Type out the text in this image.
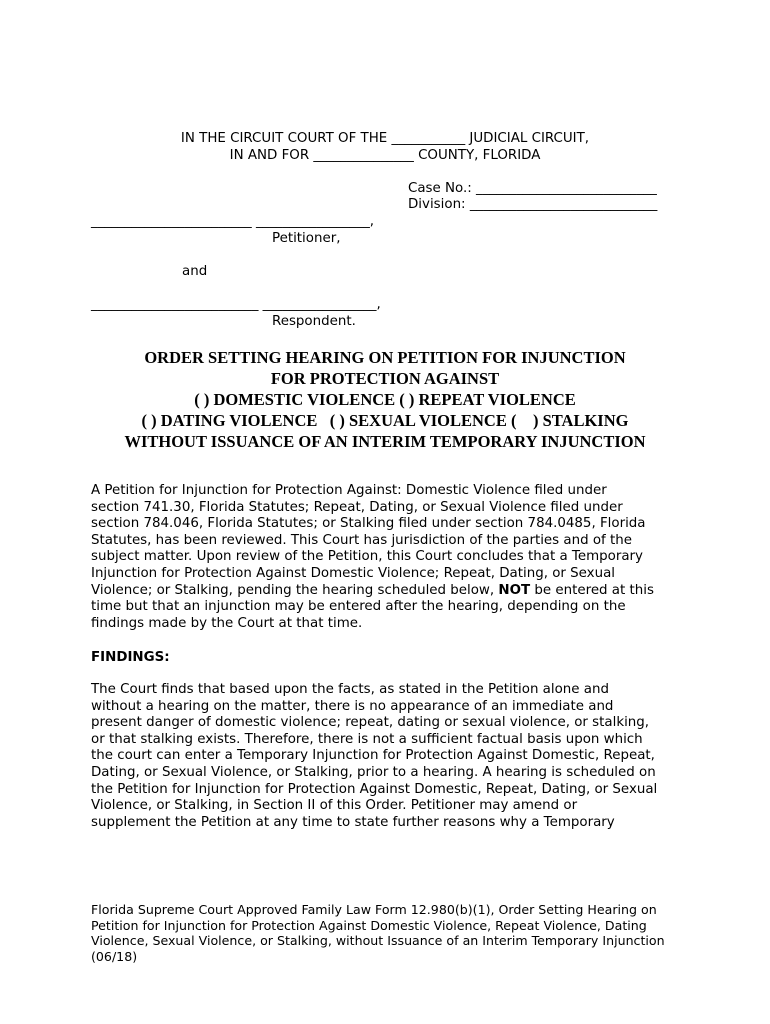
IN THE CIRCUIT COURT OF THE ___________ JUDICIAL CIRCUIT,
IN AND FOR _______________ COUNTY, FLORIDA
Case No.: ___________________________
Division: ____________________________
________________________ _________________,
Petitioner,
and
_________________________ _________________,
Respondent.
ORDER SETTING HEARING ON PETITION FOR INJUNCTION
FOR PROTECTION AGAINST
( ) DOMESTIC VIOLENCE ( ) REPEAT VIOLENCE
( ) DATING VIOLENCE   ( ) SEXUAL VIOLENCE (    ) STALKING
WITHOUT ISSUANCE OF AN INTERIM TEMPORARY INJUNCTION
A Petition for Injunction for Protection Against: Domestic Violence filed under
section 741.30, Florida Statutes; Repeat, Dating, or Sexual Violence filed under
section 784.046, Florida Statutes; or Stalking filed under section 784.0485, Florida
Statutes, has been reviewed. This Court has jurisdiction of the parties and of the
subject matter. Upon review of the Petition, this Court concludes that a Temporary
Injunction for Protection Against Domestic Violence; Repeat, Dating, or Sexual
Violence; or Stalking, pending the hearing scheduled below, NOT be entered at this
time but that an injunction may be entered after the hearing, depending on the
findings made by the Court at that time.
FINDINGS:
The Court finds that based upon the facts, as stated in the Petition alone and
without a hearing on the matter, there is no appearance of an immediate and
present danger of domestic violence; repeat, dating or sexual violence, or stalking,
or that stalking exists. Therefore, there is not a sufficient factual basis upon which
the court can enter a Temporary Injunction for Protection Against Domestic, Repeat,
Dating, or Sexual Violence, or Stalking, prior to a hearing. A hearing is scheduled on
the Petition for Injunction for Protection Against Domestic, Repeat, Dating, or Sexual
Violence, or Stalking, in Section II of this Order. Petitioner may amend or
supplement the Petition at any time to state further reasons why a Temporary
Florida Supreme Court Approved Family Law Form 12.980(b)(1), Order Setting Hearing on
Petition for Injunction for Protection Against Domestic Violence, Repeat Violence, Dating
Violence, Sexual Violence, or Stalking, without Issuance of an Interim Temporary Injunction
(06/18)
